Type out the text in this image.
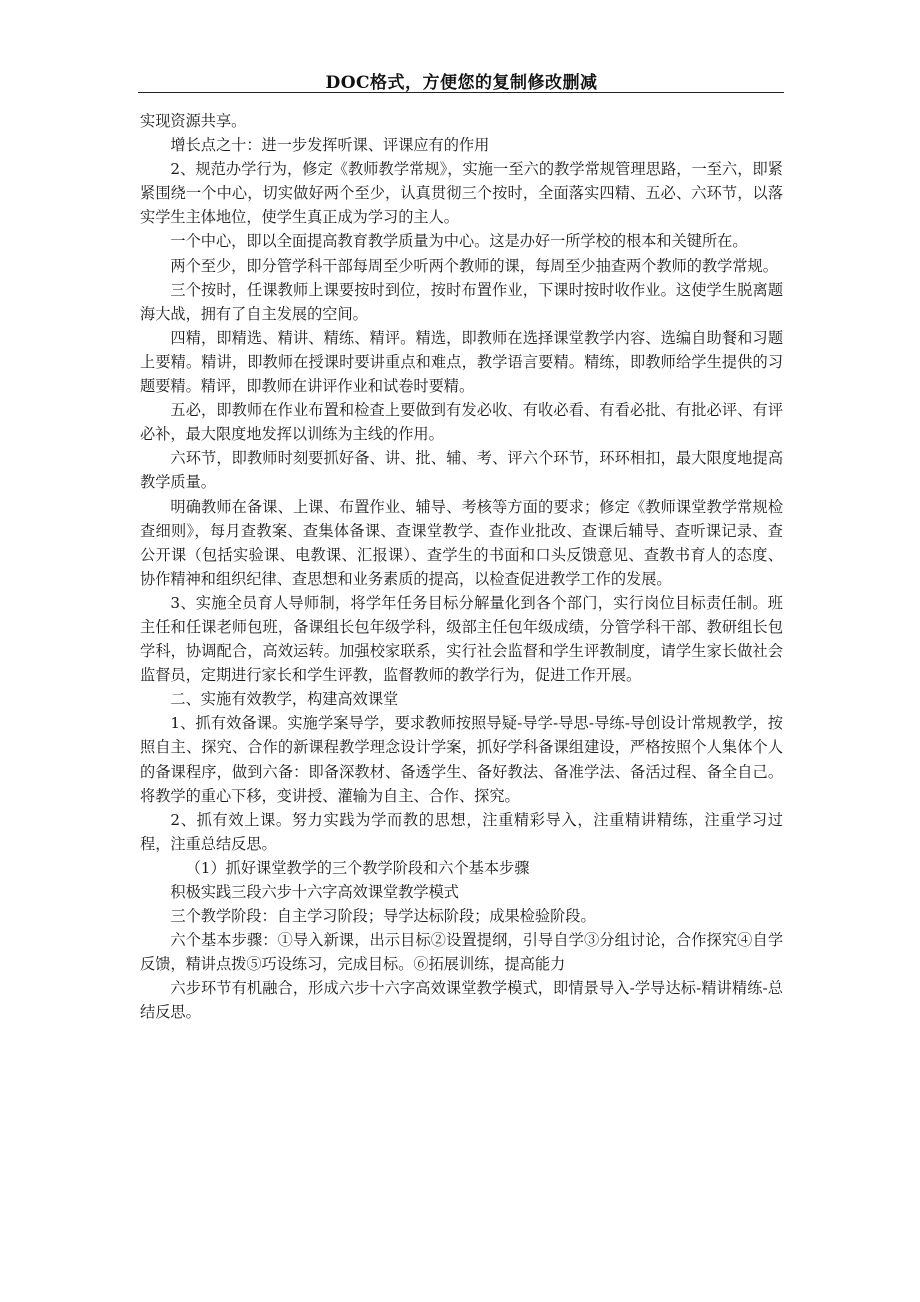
DOC格式，方便您的复制修改删减

实现资源共享。

增长点之十：进一步发挥听课、评课应有的作用

2、规范办学行为，修定《教师教学常规》，实施一至六的教学常规管理思路，一至六，即紧紧围绕一个中心，切实做好两个至少，认真贯彻三个按时，全面落实四精、五必、六环节，以落实学生主体地位，使学生真正成为学习的主人。

一个中心，即以全面提高教育教学质量为中心。这是办好一所学校的根本和关键所在。

两个至少，即分管学科干部每周至少听两个教师的课，每周至少抽查两个教师的教学常规。

三个按时，任课教师上课要按时到位，按时布置作业，下课时按时收作业。这使学生脱离题海大战，拥有了自主发展的空间。

四精，即精选、精讲、精练、精评。精选，即教师在选择课堂教学内容、选编自助餐和习题上要精。精讲，即教师在授课时要讲重点和难点，教学语言要精。精练，即教师给学生提供的习题要精。精评，即教师在讲评作业和试卷时要精。

五必，即教师在作业布置和检查上要做到有发必收、有收必看、有看必批、有批必评、有评必补，最大限度地发挥以训练为主线的作用。

六环节，即教师时刻要抓好备、讲、批、辅、考、评六个环节，环环相扣，最大限度地提高教学质量。

明确教师在备课、上课、布置作业、辅导、考核等方面的要求；修定《教师课堂教学常规检查细则》，每月查教案、查集体备课、查课堂教学、查作业批改、查课后辅导、查听课记录、查公开课（包括实验课、电教课、汇报课）、查学生的书面和口头反馈意见、查教书育人的态度、协作精神和组织纪律、查思想和业务素质的提高，以检查促进教学工作的发展。

3、实施全员育人导师制，将学年任务目标分解量化到各个部门，实行岗位目标责任制。班主任和任课老师包班，备课组长包年级学科，级部主任包年级成绩，分管学科干部、教研组长包学科，协调配合，高效运转。加强校家联系，实行社会监督和学生评教制度，请学生家长做社会监督员，定期进行家长和学生评教，监督教师的教学行为，促进工作开展。

二、实施有效教学，构建高效课堂

1、抓有效备课。实施学案导学，要求教师按照导疑-导学-导思-导练-导创设计常规教学，按照自主、探究、合作的新课程教学理念设计学案，抓好学科备课组建设，严格按照个人集体个人的备课程序，做到六备：即备深教材、备透学生、备好教法、备准学法、备活过程、备全自己。将教学的重心下移，变讲授、灌输为自主、合作、探究。

2、抓有效上课。努力实践为学而教的思想，注重精彩导入，注重精讲精练，注重学习过程，注重总结反思。

（1）抓好课堂教学的三个教学阶段和六个基本步骤

积极实践三段六步十六字高效课堂教学模式

三个教学阶段：自主学习阶段；导学达标阶段；成果检验阶段。

六个基本步骤：①导入新课，出示目标②设置提纲，引导自学③分组讨论，合作探究④自学反馈，精讲点拨⑤巧设练习，完成目标。⑥拓展训练，提高能力

六步环节有机融合，形成六步十六字高效课堂教学模式，即情景导入-学导达标-精讲精练-总结反思。
